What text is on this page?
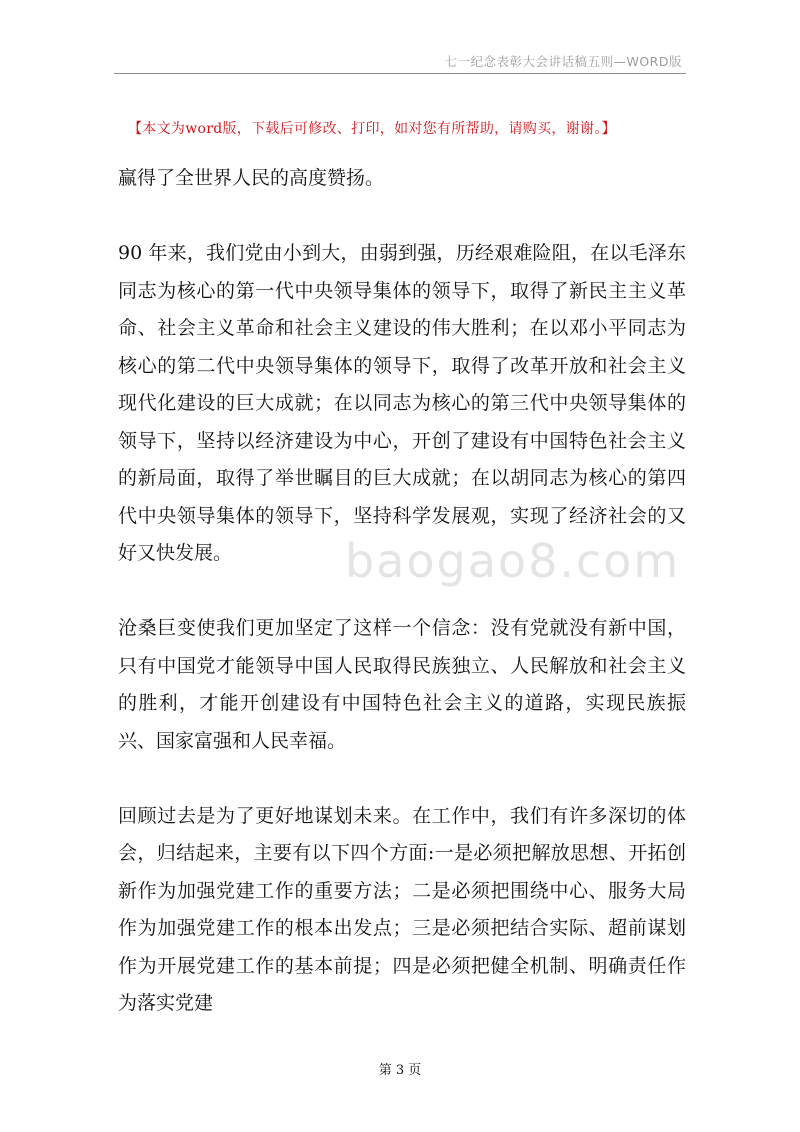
七一纪念表彰大会讲话稿五则—WORD版
【本文为word版，下载后可修改、打印，如对您有所帮助，请购买，谢谢。】

赢得了全世界人民的高度赞扬。

90 年来，我们党由小到大，由弱到强，历经艰难险阻，在以毛泽东同志为核心的第一代中央领导集体的领导下，取得了新民主主义革命、社会主义革命和社会主义建设的伟大胜利；在以邓小平同志为核心的第二代中央领导集体的领导下，取得了改革开放和社会主义现代化建设的巨大成就；在以同志为核心的第三代中央领导集体的领导下，坚持以经济建设为中心，开创了建设有中国特色社会主义的新局面，取得了举世瞩目的巨大成就；在以胡同志为核心的第四代中央领导集体的领导下，坚持科学发展观，实现了经济社会的又好又快发展。

沧桑巨变使我们更加坚定了这样一个信念：没有党就没有新中国，只有中国党才能领导中国人民取得民族独立、人民解放和社会主义的胜利，才能开创建设有中国特色社会主义的道路，实现民族振兴、国家富强和人民幸福。

回顾过去是为了更好地谋划未来。在工作中，我们有许多深切的体会，归结起来，主要有以下四个方面:一是必须把解放思想、开拓创新作为加强党建工作的重要方法；二是必须把围绕中心、服务大局作为加强党建工作的根本出发点；三是必须把结合实际、超前谋划作为开展党建工作的基本前提；四是必须把健全机制、明确责任作为落实党建

baogao8.com
第 3 页
